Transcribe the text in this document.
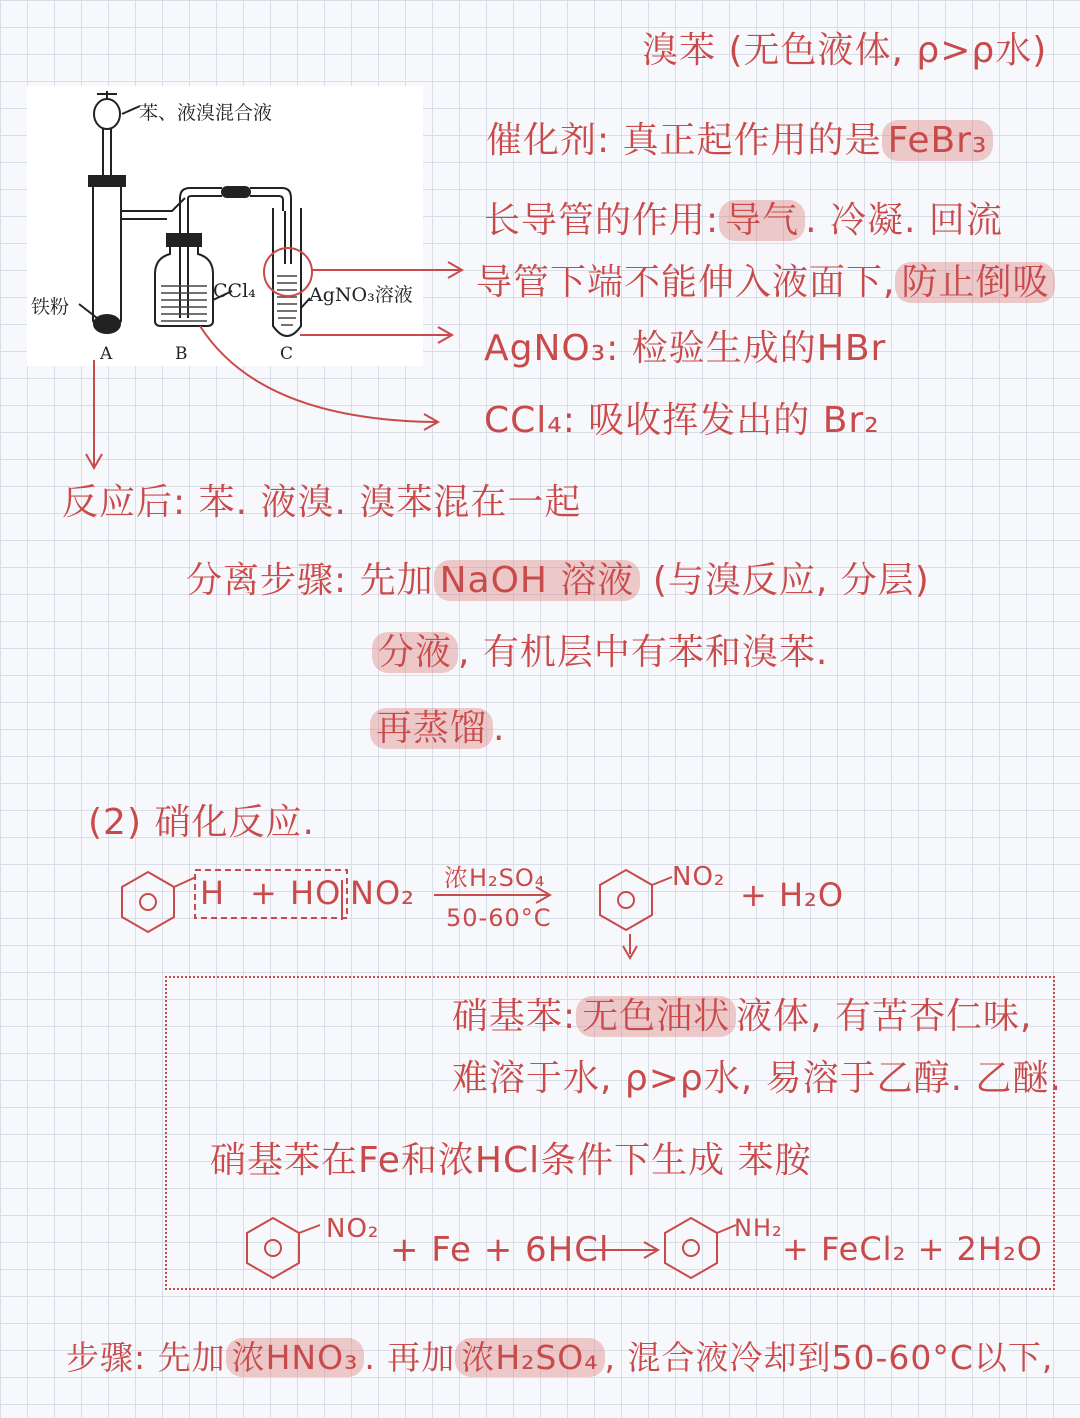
苯、液溴混合液
铁粉
CCl₄	AgNO₃溶液
A	B	C
溴苯 (无色液体, ρ>ρ水)
催化剂: 真正起作用的是 FeBr₃
长导管的作用: 导气 . 冷凝. 回流
导管下端不能伸入液面下, 防止倒吸
AgNO₃: 检验生成的HBr
CCl₄: 吸收挥发出的 Br₂
反应后: 苯. 液溴. 溴苯混在一起
分离步骤: 先加 NaOH 溶液 (与溴反应, 分层)
分液 , 有机层中有苯和溴苯.
再蒸馏 .
(2) 硝化反应.
H + HO NO₂ 浓H₂SO₄
50-60°C
NO₂ + H₂O
硝基苯: 无色油状 液体, 有苦杏仁味,
难溶于水, ρ>ρ水, 易溶于乙醇. 乙醚.
硝基苯在Fe和浓HCl条件下生成 苯胺
NO₂
+ Fe + 6HCl
NH₂
+ FeCl₂ + 2H₂O
步骤: 先加 浓HNO₃ . 再加 浓H₂SO₄ , 混合液冷却到50-60°C以下,
